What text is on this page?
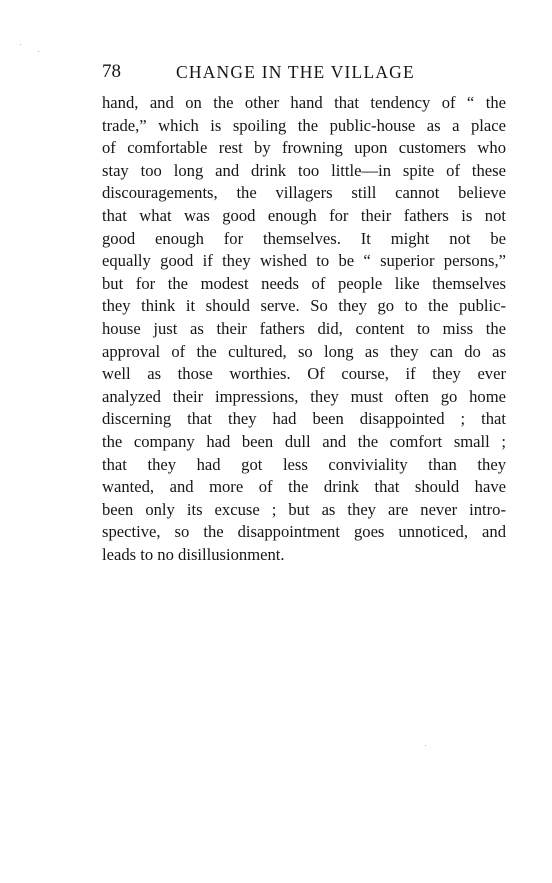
78	CHANGE IN THE VILLAGE
hand, and on the other hand that tendency of “ the
trade,” which is spoiling the public-house as a place
of comfortable rest by frowning upon customers who
stay too long and drink too little—in spite of these
discouragements, the villagers still cannot believe
that what was good enough for their fathers is not
good enough for themselves. It might not be
equally good if they wished to be “ superior persons,”
but for the modest needs of people like themselves
they think it should serve. So they go to the public-
house just as their fathers did, content to miss the
approval of the cultured, so long as they can do as
well as those worthies. Of course, if they ever
analyzed their impressions, they must often go home
discerning that they had been disappointed ; that
the company had been dull and the comfort small ;
that they had got less conviviality than they
wanted, and more of the drink that should have
been only its excuse ; but as they are never intro-
spective, so the disappointment goes unnoticed, and
leads to no disillusionment.
